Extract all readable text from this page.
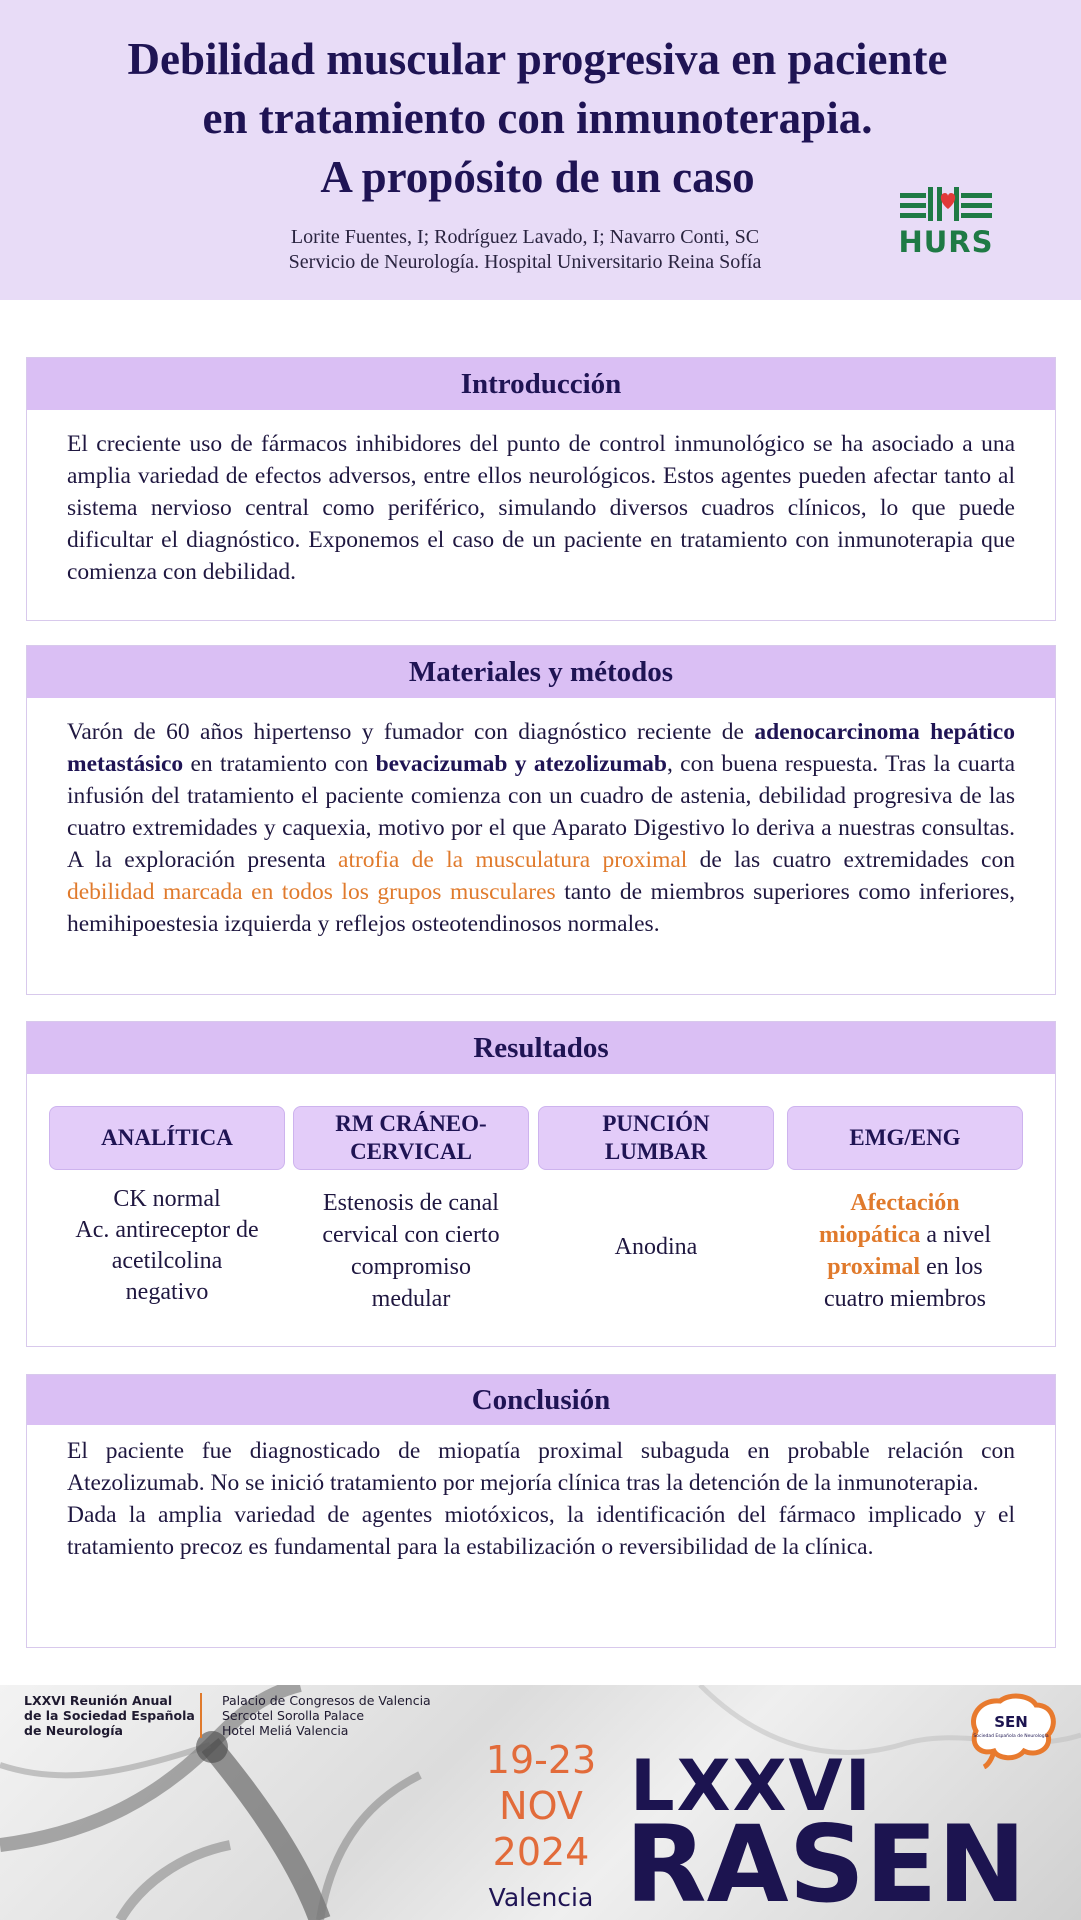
Debilidad muscular progresiva en paciente
en tratamiento con inmunoterapia.
A propósito de un caso
Lorite Fuentes, I; Rodríguez Lavado, I; Navarro Conti, SC
Servicio de Neurología. Hospital Universitario Reina Sofía
HURS
Introducción
El creciente uso de fármacos inhibidores del punto de control inmunológico se ha asociado a una amplia variedad de efectos adversos, entre ellos neurológicos. Estos agentes pueden afectar tanto al sistema nervioso central como periférico, simulando diversos cuadros clínicos, lo que puede dificultar el diagnóstico. Exponemos el caso de un paciente en tratamiento con inmunoterapia que comienza con debilidad.
Materiales y métodos
Varón de 60 años hipertenso y fumador con diagnóstico reciente de adenocarcinoma hepático metastásico en tratamiento con bevacizumab y atezolizumab, con buena respuesta. Tras la cuarta infusión del tratamiento el paciente comienza con un cuadro de astenia, debilidad progresiva de las cuatro extremidades y caquexia, motivo por el que Aparato Digestivo lo deriva a nuestras consultas. A la exploración presenta atrofia de la musculatura proximal de las cuatro extremidades con debilidad marcada en todos los grupos musculares tanto de miembros superiores como inferiores, hemihipoestesia izquierda y reflejos osteotendinosos normales.
Resultados
ANALÍTICA
CK normal
Ac. antireceptor de
acetilcolina
negativo
RM CRÁNEO-
CERVICAL
Estenosis de canal
cervical con cierto
compromiso
medular
PUNCIÓN
LUMBAR
Anodina
EMG/ENG
Afectación
miopática a nivel
proximal en los
cuatro miembros
Conclusión
El paciente fue diagnosticado de miopatía proximal subaguda en probable relación con Atezolizumab. No se inició tratamiento por mejoría clínica tras la detención de la inmunoterapia.
Dada la amplia variedad de agentes miotóxicos, la identificación del fármaco implicado y el tratamiento precoz es fundamental para la estabilización o reversibilidad de la clínica.
LXXVI Reunión Anual
de la Sociedad Española
de Neurología
Palacio de Congresos de Valencia
Sercotel Sorolla Palace
Hotel Meliá Valencia
19-23
NOV
2024
Valencia
LXXVI
RASEN
SEN
Sociedad Española de Neurología
